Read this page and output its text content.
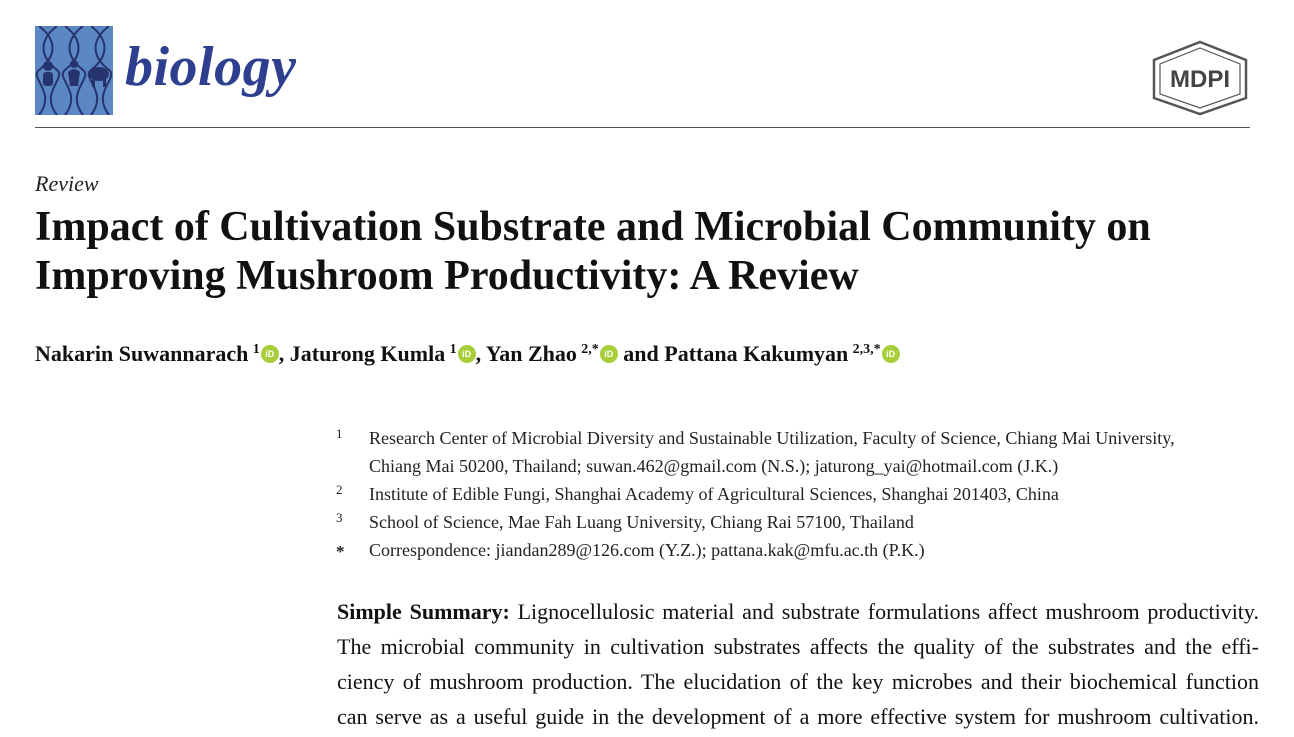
biology	MDPI
Review
Impact of Cultivation Substrate and Microbial Community on
Improving Mushroom Productivity: A Review
Nakarin Suwannarach  $^1$ iD , Jaturong Kumla  $^1$ iD , Yan Zhao  $^{2,*}$ iD and Pattana Kakumyan  $^{2,3,*}$ iD
1 Research Center of Microbial Diversity and Sustainable Utilization, Faculty of Science, Chiang Mai University,
Chiang Mai 50200, Thailand; suwan.462@gmail.com (N.S.); jaturong_yai@hotmail.com (J.K.)
2 Institute of Edible Fungi, Shanghai Academy of Agricultural Sciences, Shanghai 201403, China
3 School of Science, Mae Fah Luang University, Chiang Rai 57100, Thailand
* Correspondence: jiandan289@126.com (Y.Z.); pattana.kak@mfu.ac.th (P.K.)
Simple Summary: Lignocellulosic material and substrate formulations affect mushroom productivity.
The microbial community in cultivation substrates affects the quality of the substrates and the effi-
ciency of mushroom production. The elucidation of the key microbes and their biochemical function
can serve as a useful guide in the development of a more effective system for mushroom cultivation.
